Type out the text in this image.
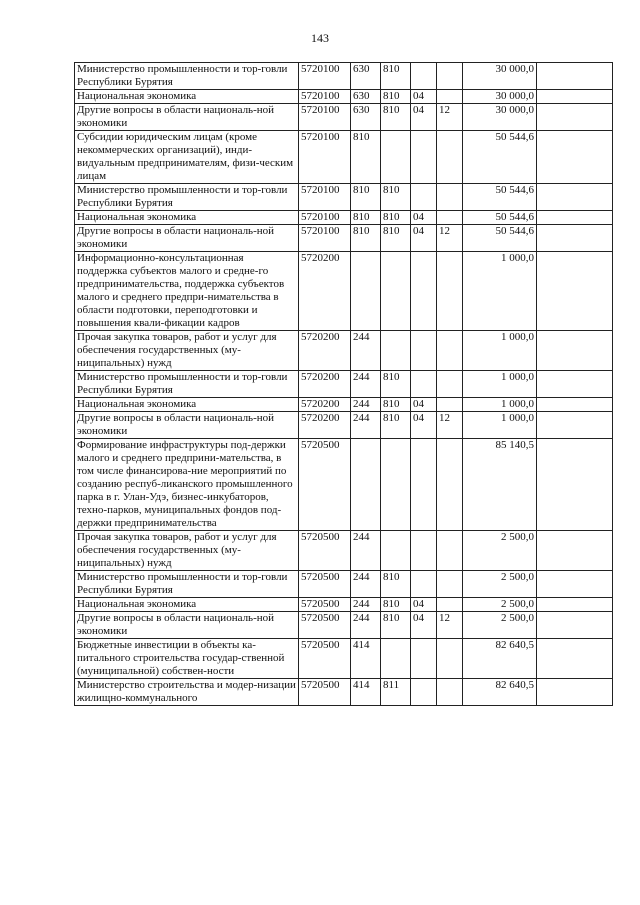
143
Министерство промышленности и тор-говли Республики Бурятия	5720100	630	810			30 000,0	
Национальная экономика	5720100	630	810	04		30 000,0	
Другие вопросы в области националь-ной экономики	5720100	630	810	04	12	30 000,0	
Субсидии юридическим лицам (кроме некоммерческих организаций), инди-видуальным предпринимателям, физи-ческим лицам	5720100	810				50 544,6	
Министерство промышленности и тор-говли Республики Бурятия	5720100	810	810			50 544,6	
Национальная экономика	5720100	810	810	04		50 544,6	
Другие вопросы в области националь-ной экономики	5720100	810	810	04	12	50 544,6	
Информационно-консультационная поддержка субъектов малого и средне-го предпринимательства, поддержка субъектов малого и среднего предпри-нимательства в области подготовки, переподготовки и повышения квали-фикации кадров	5720200					1 000,0	
Прочая закупка товаров, работ и услуг для обеспечения государственных (му-ниципальных) нужд	5720200	244				1 000,0	
Министерство промышленности и тор-говли Республики Бурятия	5720200	244	810			1 000,0	
Национальная экономика	5720200	244	810	04		1 000,0	
Другие вопросы в области националь-ной экономики	5720200	244	810	04	12	1 000,0	
Формирование инфраструктуры под-держки малого и среднего предприни-мательства, в том числе финансирова-ние мероприятий по созданию респуб-ликанского промышленного парка в г. Улан-Удэ, бизнес-инкубаторов, техно-парков, муниципальных фондов под-держки предпринимательства	5720500					85 140,5	
Прочая закупка товаров, работ и услуг для обеспечения государственных (му-ниципальных) нужд	5720500	244				2 500,0	
Министерство промышленности и тор-говли Республики Бурятия	5720500	244	810			2 500,0	
Национальная экономика	5720500	244	810	04		2 500,0	
Другие вопросы в области националь-ной экономики	5720500	244	810	04	12	2 500,0	
Бюджетные инвестиции в объекты ка-питального строительства государ-ственной (муниципальной) собствен-ности	5720500	414				82 640,5	
Министерство строительства и модер-низации жилищно-коммунального	5720500	414	811			82 640,5	
